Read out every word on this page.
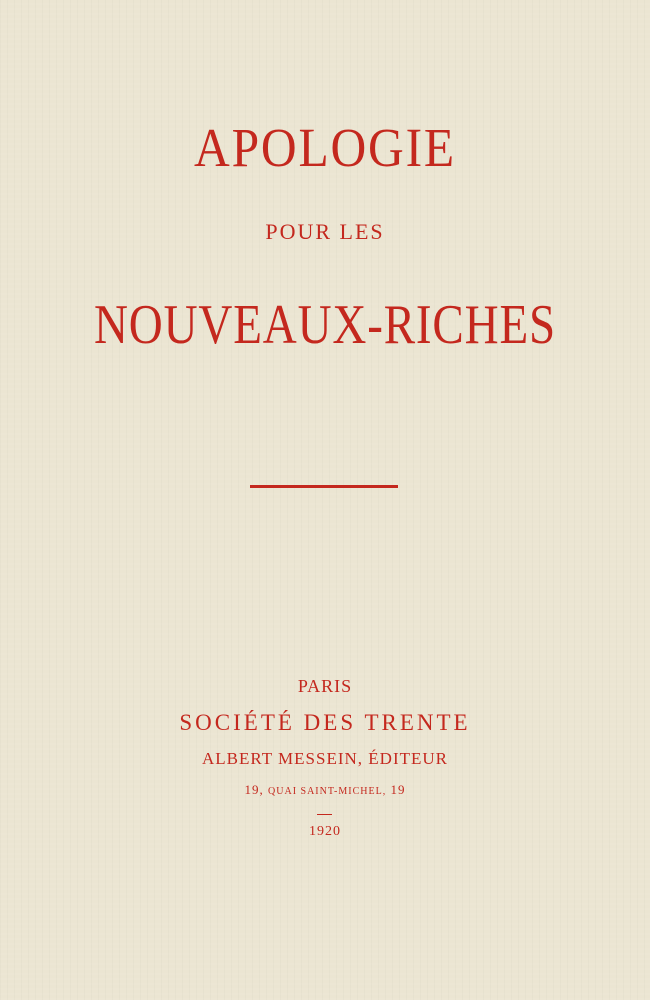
APOLOGIE
POUR LES
NOUVEAUX-RICHES
PARIS
SOCIÉTÉ DES TRENTE
ALBERT MESSEIN, ÉDITEUR
19, QUAI SAINT-MICHEL, 19
1920
